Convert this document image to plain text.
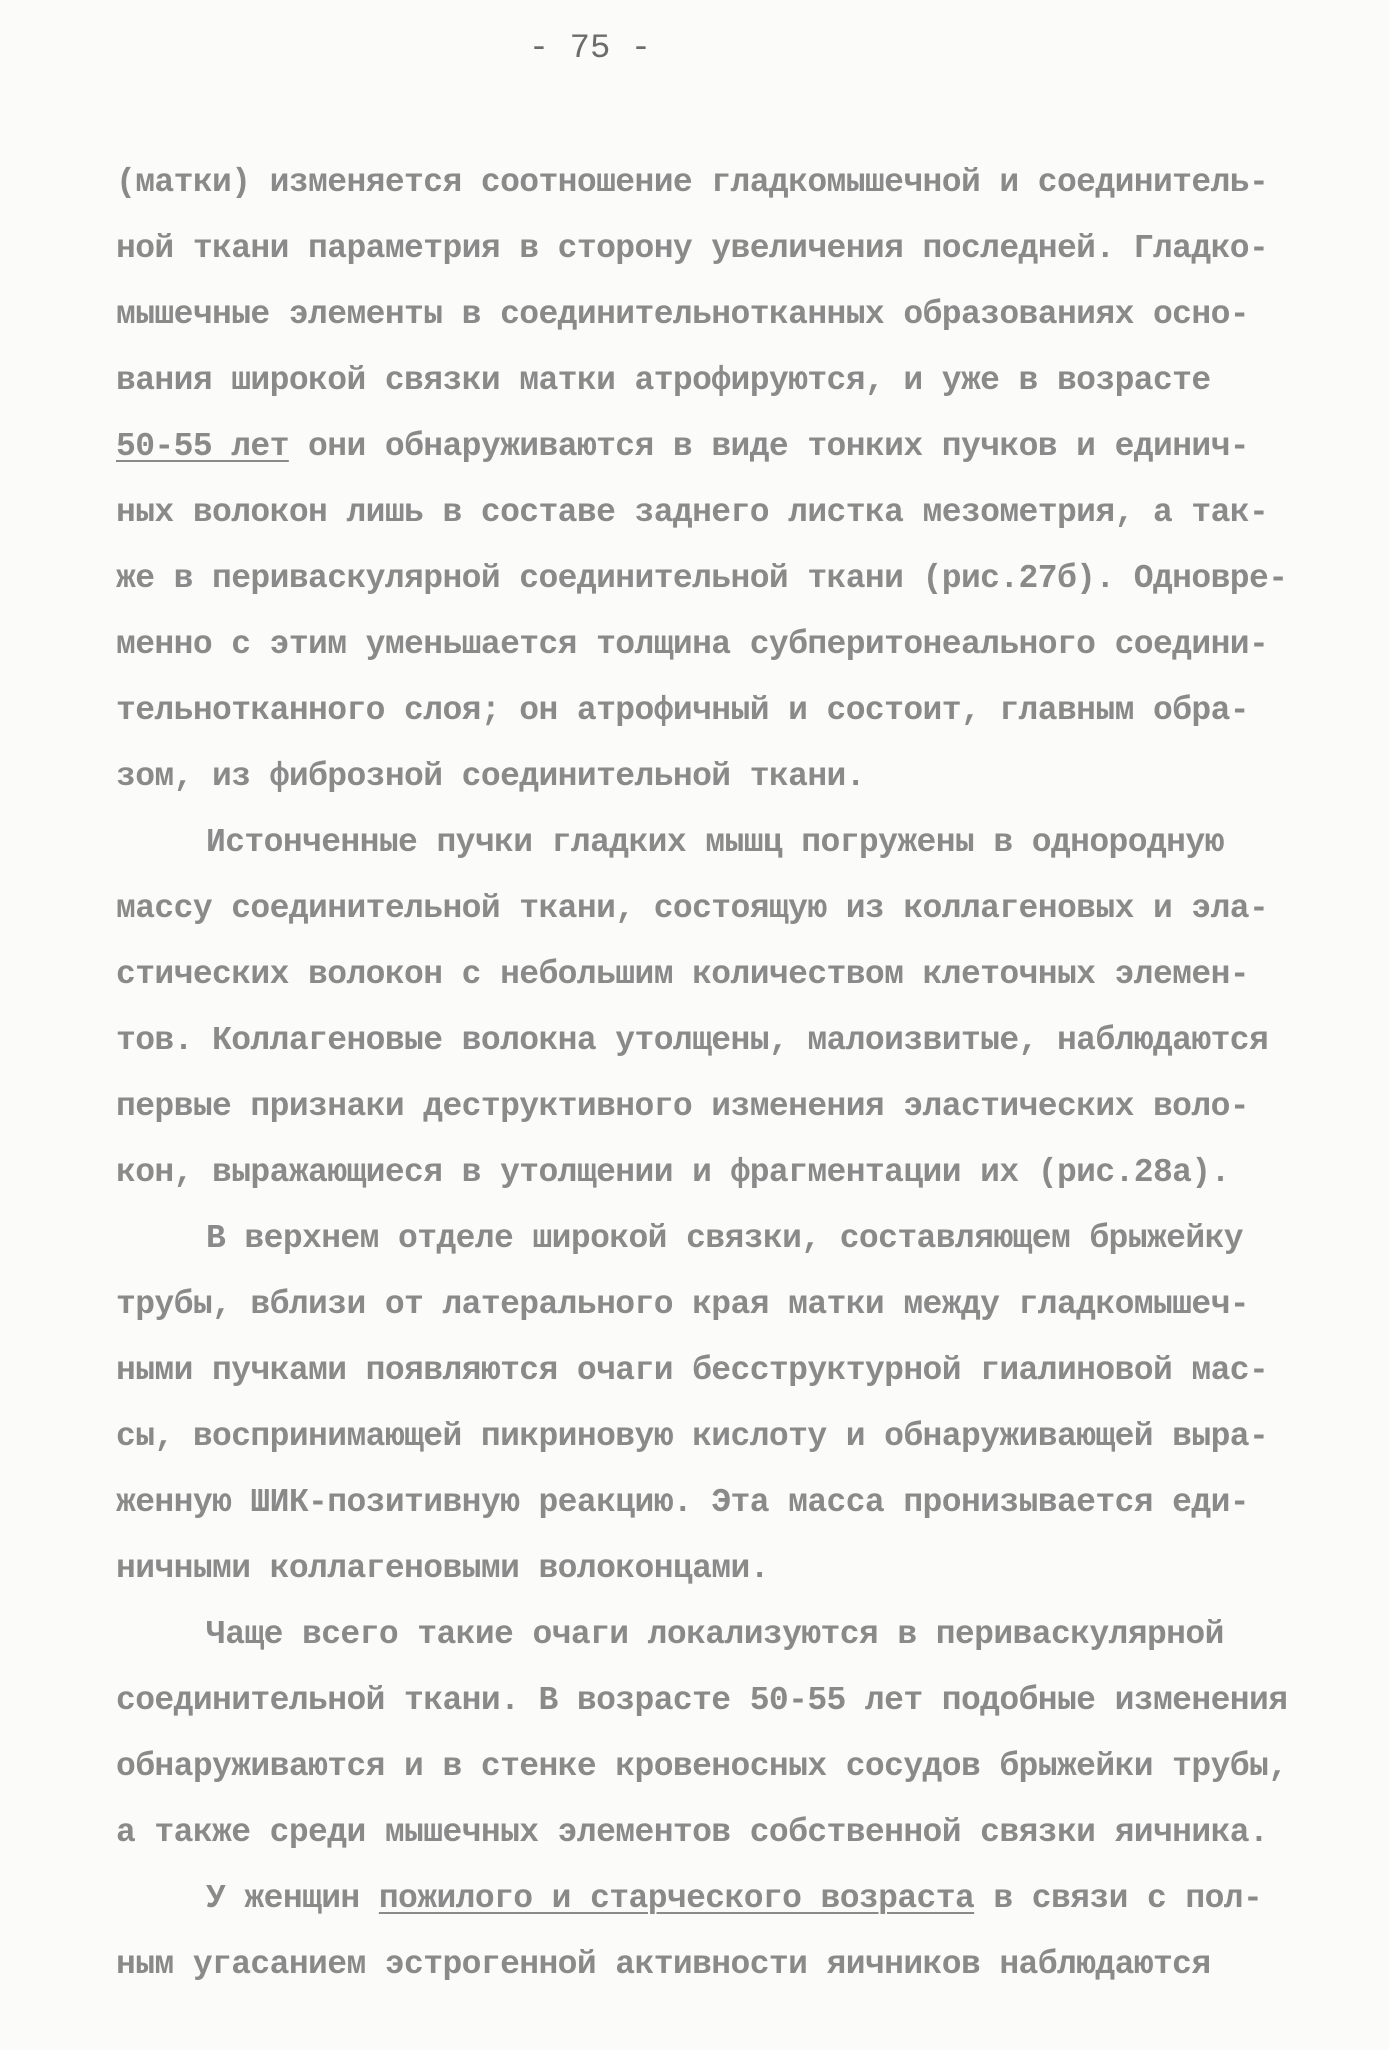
- 75 -
(матки) изменяется соотношение гладкомышечной и соединитель-
ной ткани параметрия в сторону увеличения последней. Гладко-
мышечные элементы в соединительнотканных образованиях осно-
вания широкой связки матки атрофируются, и уже в возрасте
50-55 лет они обнаруживаются в виде тонких пучков и единич-
ных волокон лишь в составе заднего листка мезометрия, а так-
же в периваскулярной соединительной ткани (рис.27б). Одновре-
менно с этим уменьшается толщина субперитонеального соедини-
тельнотканного слоя; он атрофичный и состоит, главным обра-
зом, из фиброзной соединительной ткани.
Истонченные пучки гладких мышц погружены в однородную
массу соединительной ткани, состоящую из коллагеновых и эла-
стических волокон с небольшим количеством клеточных элемен-
тов. Коллагеновые волокна утолщены, малоизвитые, наблюдаются
первые признаки деструктивного изменения эластических воло-
кон, выражающиеся в утолщении и фрагментации их (рис.28а).
В верхнем отделе широкой связки, составляющем брыжейку
трубы, вблизи от латерального края матки между гладкомышеч-
ными пучками появляются очаги бесструктурной гиалиновой мас-
сы, воспринимающей пикриновую кислоту и обнаруживающей выра-
женную ШИК-позитивную реакцию. Эта масса пронизывается еди-
ничными коллагеновыми волоконцами.
Чаще всего такие очаги локализуются в периваскулярной
соединительной ткани. В возрасте 50-55 лет подобные изменения
обнаруживаются и в стенке кровеносных сосудов брыжейки трубы,
а также среди мышечных элементов собственной связки яичника.
У женщин пожилого и старческого возраста в связи с пол-
ным угасанием эстрогенной активности яичников наблюдаются
